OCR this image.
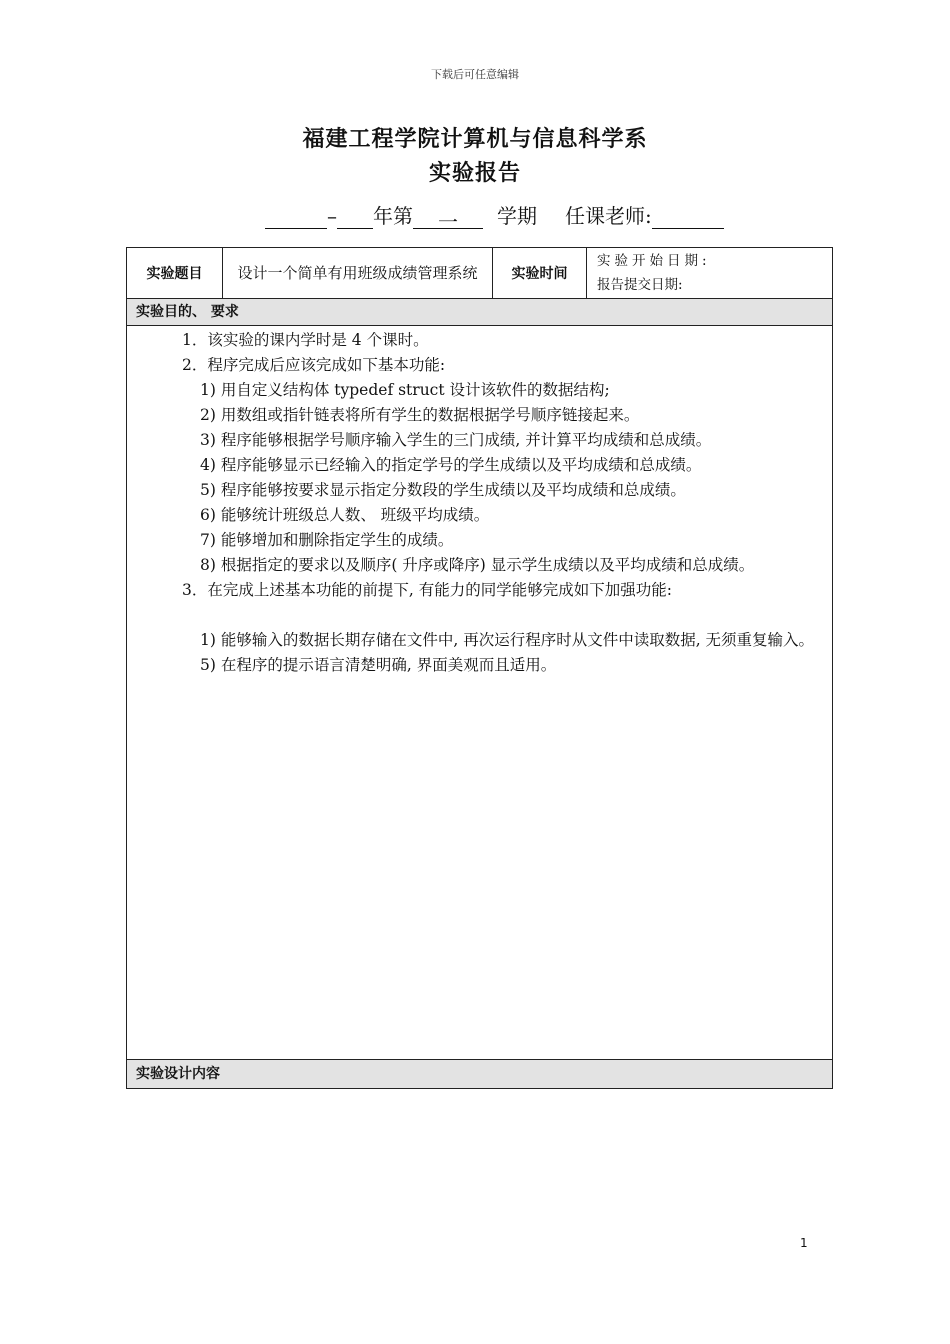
下载后可任意编辑
福建工程学院计算机与信息科学系
实验报告
– 年第 一 学期 任课老师:
实验题目	设计一个简单有用班级成绩管理系统	实验时间
实验开始日期:
报告提交日期:
实验目的、 要求

1．该实验的课内学时是 4 个课时。

2．程序完成后应该完成如下基本功能:

1) 用自定义结构体 typedef struct 设计该软件的数据结构;

2) 用数组或指针链表将所有学生的数据根据学号顺序链接起来。

3) 程序能够根据学号顺序输入学生的三门成绩, 并计算平均成绩和总成绩。

4) 程序能够显示已经输入的指定学号的学生成绩以及平均成绩和总成绩。

5) 程序能够按要求显示指定分数段的学生成绩以及平均成绩和总成绩。

6) 能够统计班级总人数、 班级平均成绩。

7) 能够增加和删除指定学生的成绩。

8) 根据指定的要求以及顺序( 升序或降序) 显示学生成绩以及平均成绩和总成绩。

3．在完成上述基本功能的前提下, 有能力的同学能够完成如下加强功能:

1) 能够输入的数据长期存储在文件中, 再次运行程序时从文件中读取数据, 无须重复输入。

5) 在程序的提示语言清楚明确, 界面美观而且适用。

实验设计内容
1
